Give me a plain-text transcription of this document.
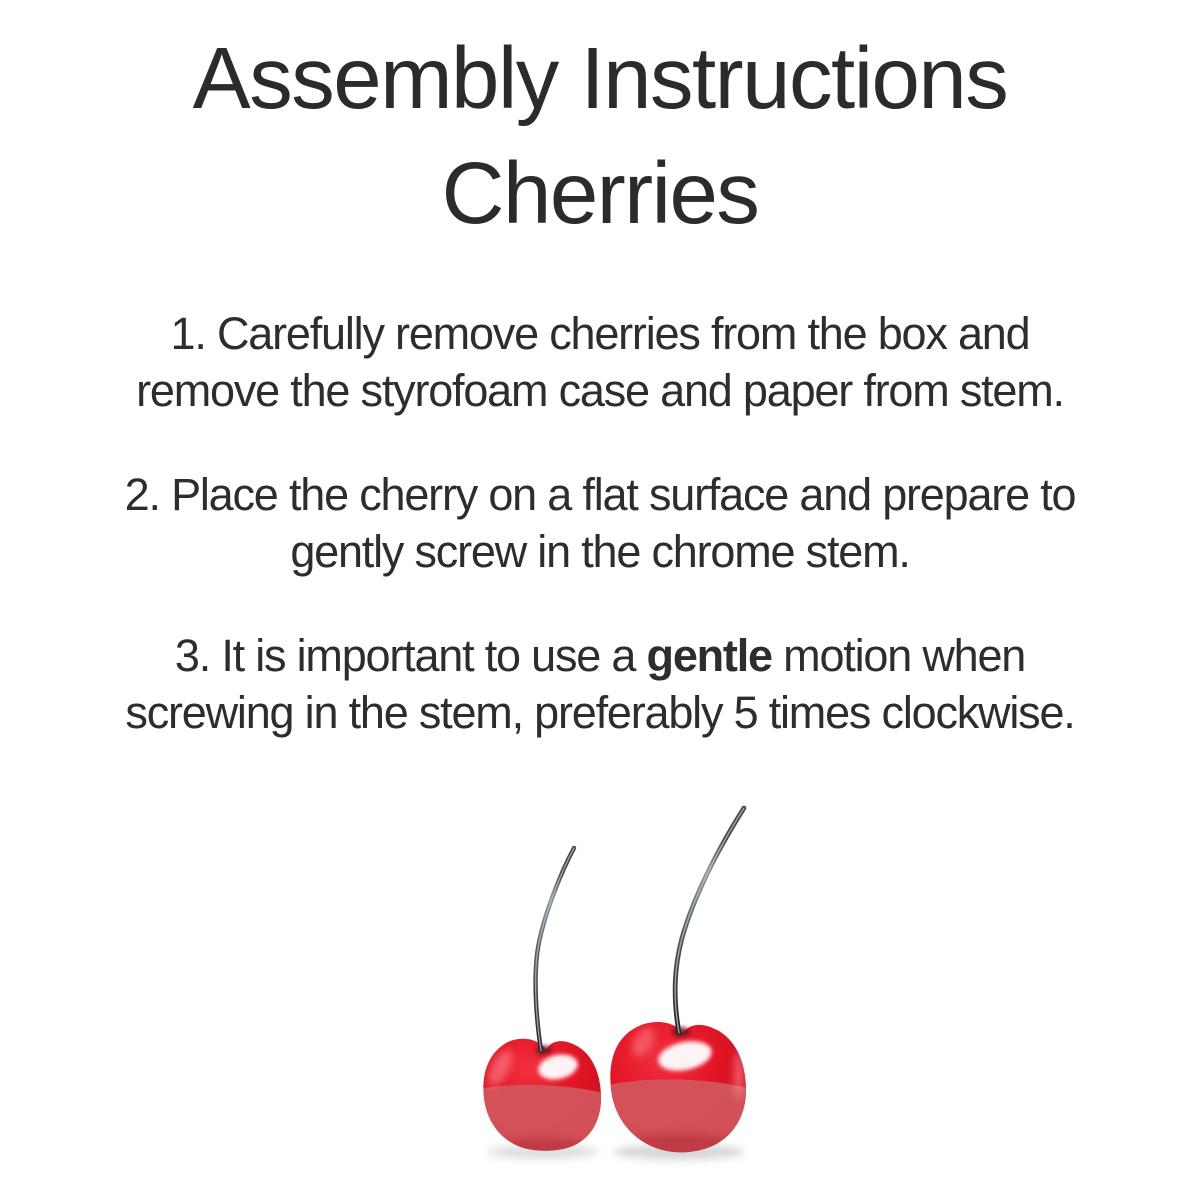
Assembly Instructions
Cherries

1. Carefully remove cherries from the box and
remove the styrofoam case and paper from stem.

2. Place the cherry on a flat surface and prepare to
gently screw in the chrome stem.

3. It is important to use a gentle motion when
screwing in the stem, preferably 5 times clockwise.
